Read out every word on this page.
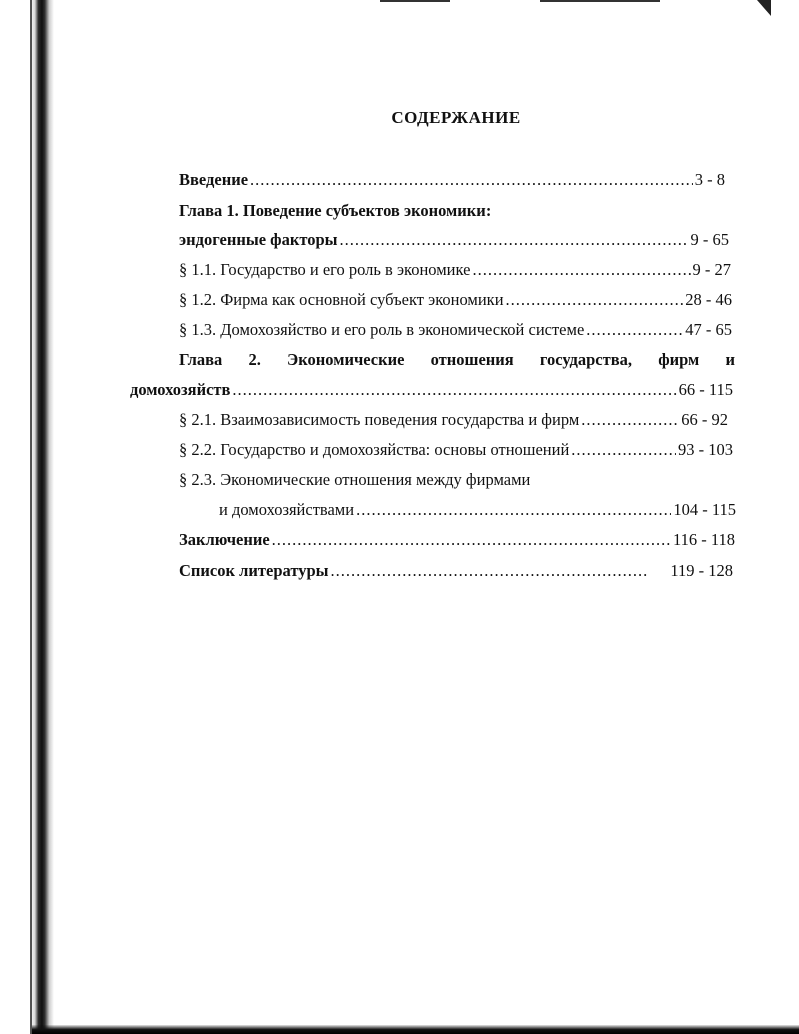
СОДЕРЖАНИЕ
Введение .....	3 - 8
Глава 1. Поведение субъектов экономики:
эндогенные факторы .....	9 - 65
§ 1.1. Государство и его роль в экономике .....	9 - 27
§ 1.2. Фирма как основной субъект экономики .....	28 - 46
§ 1.3. Домохозяйство и его роль в экономической системе .....	47 - 65
Глава 2. Экономические отношения государства, фирм и
домохозяйств .....	66 - 115
§ 2.1. Взаимозависимость поведения государства и фирм .....	66 - 92
§ 2.2. Государство и домохозяйства: основы отношений .....	93 - 103
§ 2.3. Экономические отношения между фирмами
и домохозяйствами .....	104 - 115
Заключение .....	116 - 118
Список литературы .....	119 - 128
